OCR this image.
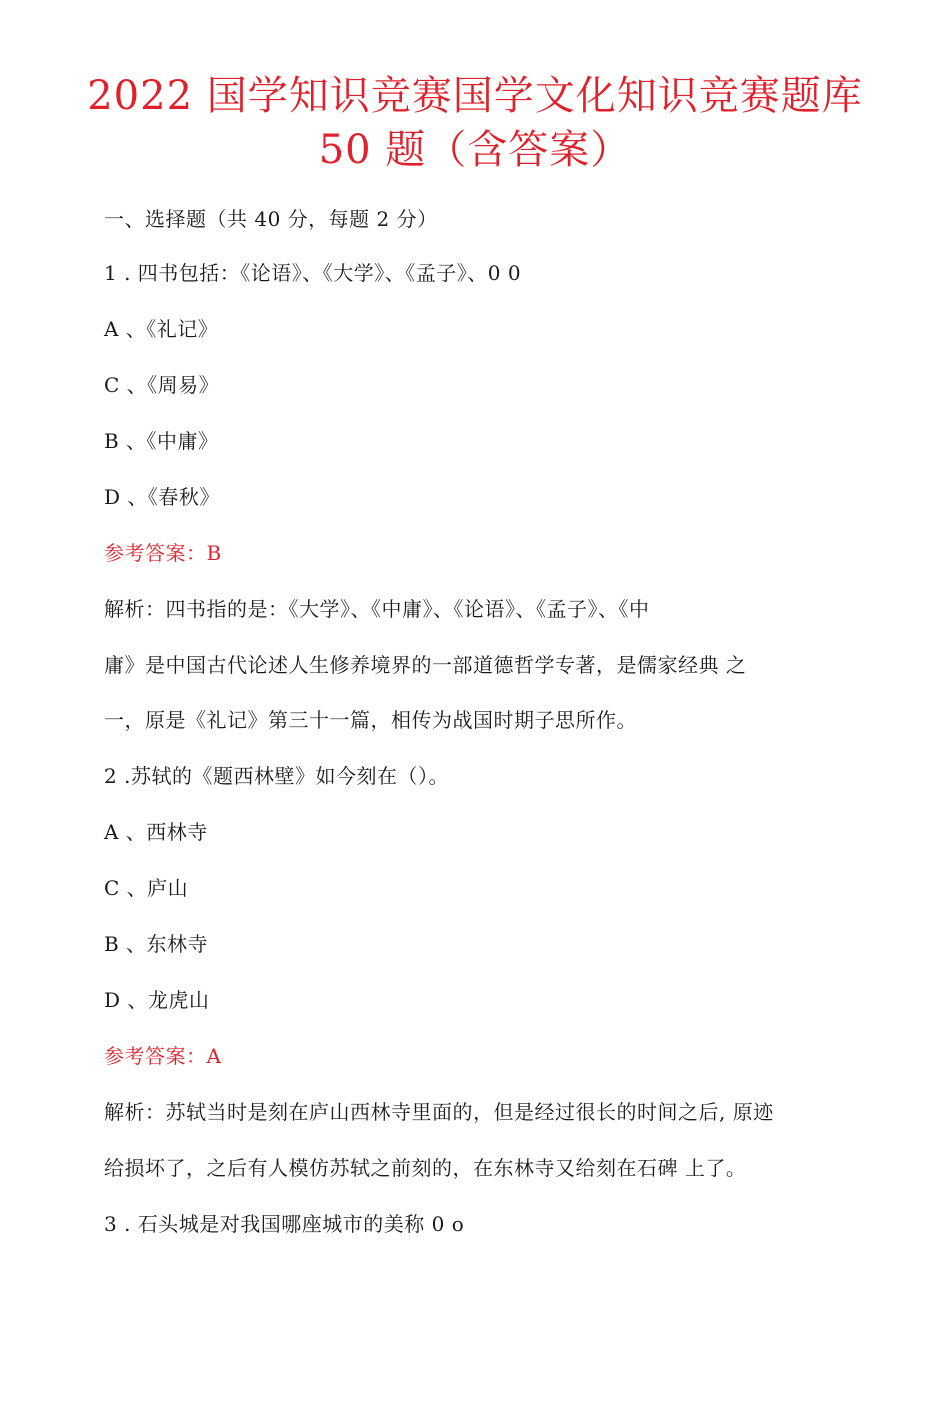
2022 国学知识竞赛国学文化知识竞赛题库
50 题（含答案）
一、选择题（共 40 分，每题 2 分）
1 . 四书包括：《论语》、《大学》、《孟子》、0 0
A 、《礼记》
C 、《周易》
B 、《中庸》
D 、《春秋》
参考答案：B
解析：四书指的是：《大学》、《中庸》、《论语》、《孟子》、《中
庸》是中国古代论述人生修养境界的一部道德哲学专著，是儒家经典 之
一，原是《礼记》第三十一篇，相传为战国时期子思所作。
2 .苏轼的《题西林壁》如今刻在（）。
A 、西林寺
C 、庐山
B 、东林寺
D 、龙虎山
参考答案：A
解析：苏轼当时是刻在庐山西林寺里面的，但是经过很长的时间之后, 原迹
给损坏了，之后有人模仿苏轼之前刻的，在东林寺又给刻在石碑 上了。
3 . 石头城是对我国哪座城市的美称 0 o
